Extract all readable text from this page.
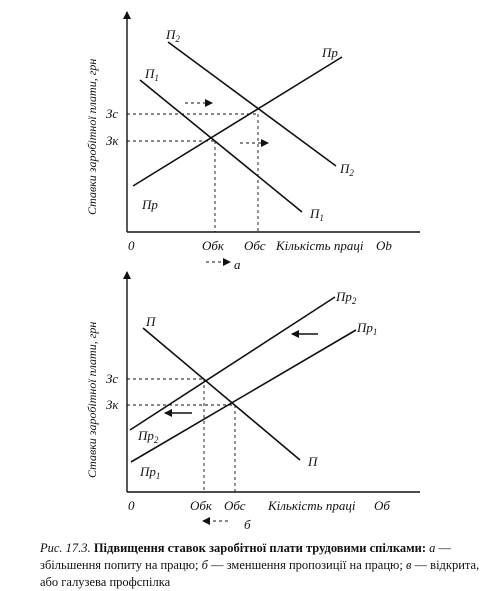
Ставки заробітної плати, грн
0
Зс
Зк
Обк Обс Кількість праці Ob
а
$П_1$
$П_1$
$П_2$
$П_2$
Пр
Пр
Ставки заробітної плати, грн
0
Зс
Зк
Обк Обс Кількість праці Об
б
П
П
$Пр_2$
$Пр_2$
$Пр_1$
$Пр_1$
Рис. 17.3. Підвищення ставок заробітної плати трудовими спілками: а — збільшення попиту на працю; б — зменшення пропозиції на працю; в — відкрита, або галузева профспілка
